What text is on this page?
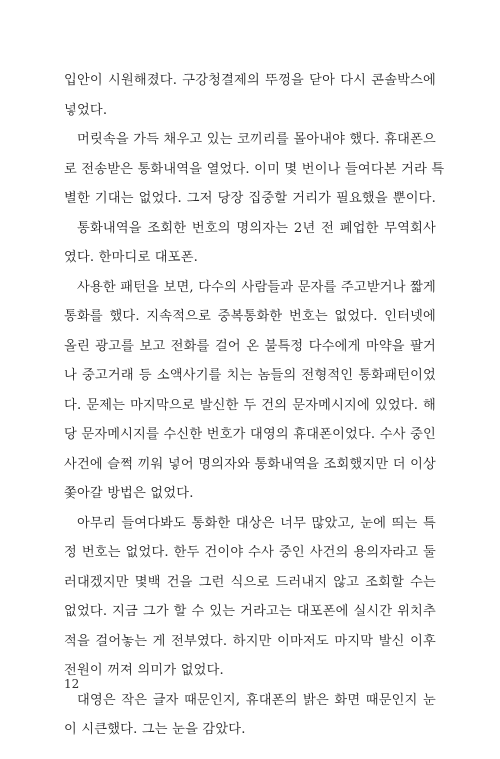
입안이 시원해졌다. 구강청결제의 뚜껑을 닫아 다시 콘솔박스에
넣었다.
머릿속을 가득 채우고 있는 코끼리를 몰아내야 했다. 휴대폰으
로 전송받은 통화내역을 열었다. 이미 몇 번이나 들여다본 거라 특
별한 기대는 없었다. 그저 당장 집중할 거리가 필요했을 뿐이다.
통화내역을 조회한 번호의 명의자는 2년 전 폐업한 무역회사
였다. 한마디로 대포폰.
사용한 패턴을 보면, 다수의 사람들과 문자를 주고받거나 짧게
통화를 했다. 지속적으로 중복통화한 번호는 없었다. 인터넷에
올린 광고를 보고 전화를 걸어 온 불특정 다수에게 마약을 팔거
나 중고거래 등 소액사기를 치는 놈들의 전형적인 통화패턴이었
다. 문제는 마지막으로 발신한 두 건의 문자메시지에 있었다. 해
당 문자메시지를 수신한 번호가 대영의 휴대폰이었다. 수사 중인
사건에 슬쩍 끼워 넣어 명의자와 통화내역을 조회했지만 더 이상
쫓아갈 방법은 없었다.
아무리 들여다봐도 통화한 대상은 너무 많았고, 눈에 띄는 특
정 번호는 없었다. 한두 건이야 수사 중인 사건의 용의자라고 둘
러대겠지만 몇백 건을 그런 식으로 드러내지 않고 조회할 수는
없었다. 지금 그가 할 수 있는 거라고는 대포폰에 실시간 위치추
적을 걸어놓는 게 전부였다. 하지만 이마저도 마지막 발신 이후
전원이 꺼져 의미가 없었다.
대영은 작은 글자 때문인지, 휴대폰의 밝은 화면 때문인지 눈
이 시큰했다. 그는 눈을 감았다.
12
